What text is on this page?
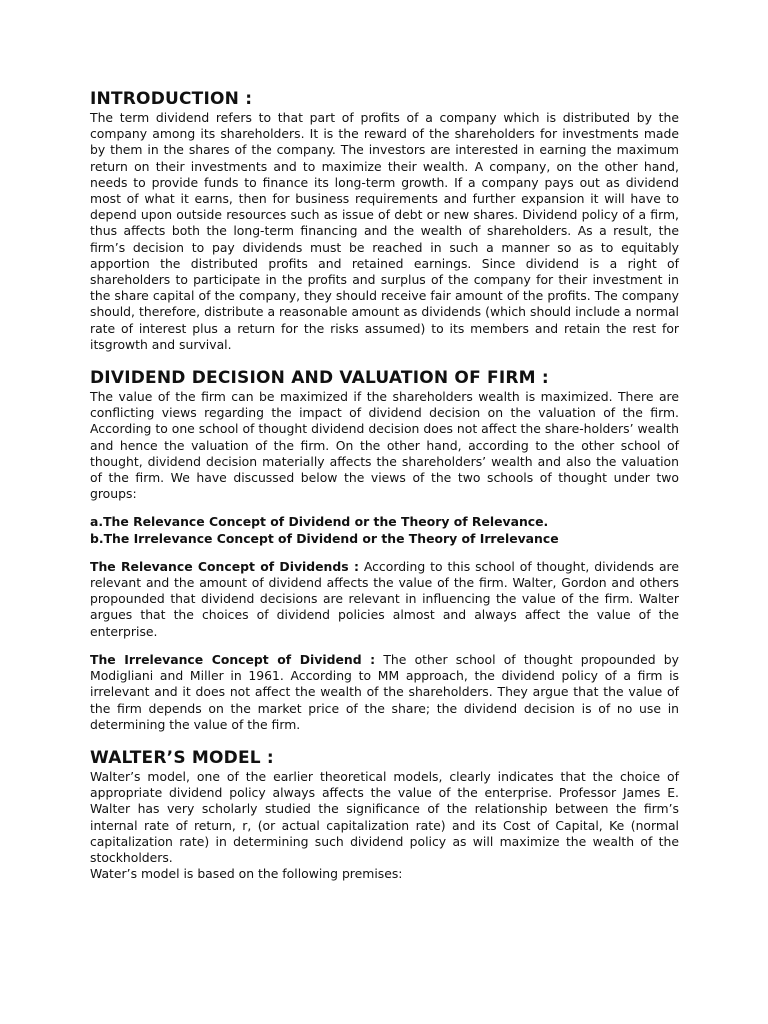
INTRODUCTION :

The term dividend refers to that part of profits of a company which is distributed by the company among its shareholders. It is the reward of the shareholders for investments made by them in the shares of the company. The investors are interested in earning the maximum return on their investments and to maximize their wealth. A company, on the other hand, needs to provide funds to finance its long-term growth. If a company pays out as dividend most of what it earns, then for business requirements and further expansion it will have to depend upon outside resources such as issue of debt or new shares. Dividend policy of a firm, thus affects both the long-term financing and the wealth of shareholders. As a result, the firm’s decision to pay dividends must be reached in such a manner so as to equitably apportion the distributed profits and retained earnings. Since dividend is a right of shareholders to participate in the profits and surplus of the company for their investment in the share capital of the company, they should receive fair amount of the profits. The company should, therefore, distribute a reasonable amount as dividends (which should include a normal rate of interest plus a return for the risks assumed) to its members and retain the rest for itsgrowth and survival.

DIVIDEND DECISION AND VALUATION OF FIRM :

The value of the firm can be maximized if the shareholders wealth is maximized. There are conflicting views regarding the impact of dividend decision on the valuation of the firm. According to one school of thought dividend decision does not affect the share-holders’ wealth and hence the valuation of the firm. On the other hand, according to the other school of thought, dividend decision materially affects the shareholders’ wealth and also the valuation of the firm. We have discussed below the views of the two schools of thought under two groups:

a.The Relevance Concept of Dividend or the Theory of Relevance.
b.The Irrelevance Concept of Dividend or the Theory of Irrelevance

The Relevance Concept of Dividends : According to this school of thought, dividends are relevant and the amount of dividend affects the value of the firm. Walter, Gordon and others propounded that dividend decisions are relevant in influencing the value of the firm. Walter argues that the choices of dividend policies almost and always affect the value of the enterprise.

The Irrelevance Concept of Dividend : The other school of thought propounded by Modigliani and Miller in 1961. According to MM approach, the dividend policy of a firm is irrelevant and it does not affect the wealth of the shareholders. They argue that the value of the firm depends on the market price of the share; the dividend decision is of no use in determining the value of the firm.

WALTER’S MODEL :

Walter’s model, one of the earlier theoretical models, clearly indicates that the choice of appropriate dividend policy always affects the value of the enterprise. Professor James E. Walter has very scholarly studied the significance of the relationship between the firm’s internal rate of return, r, (or actual capitalization rate) and its Cost of Capital, Ke (normal capitalization rate) in determining such dividend policy as will maximize the wealth of the stockholders.

Water’s model is based on the following premises:
